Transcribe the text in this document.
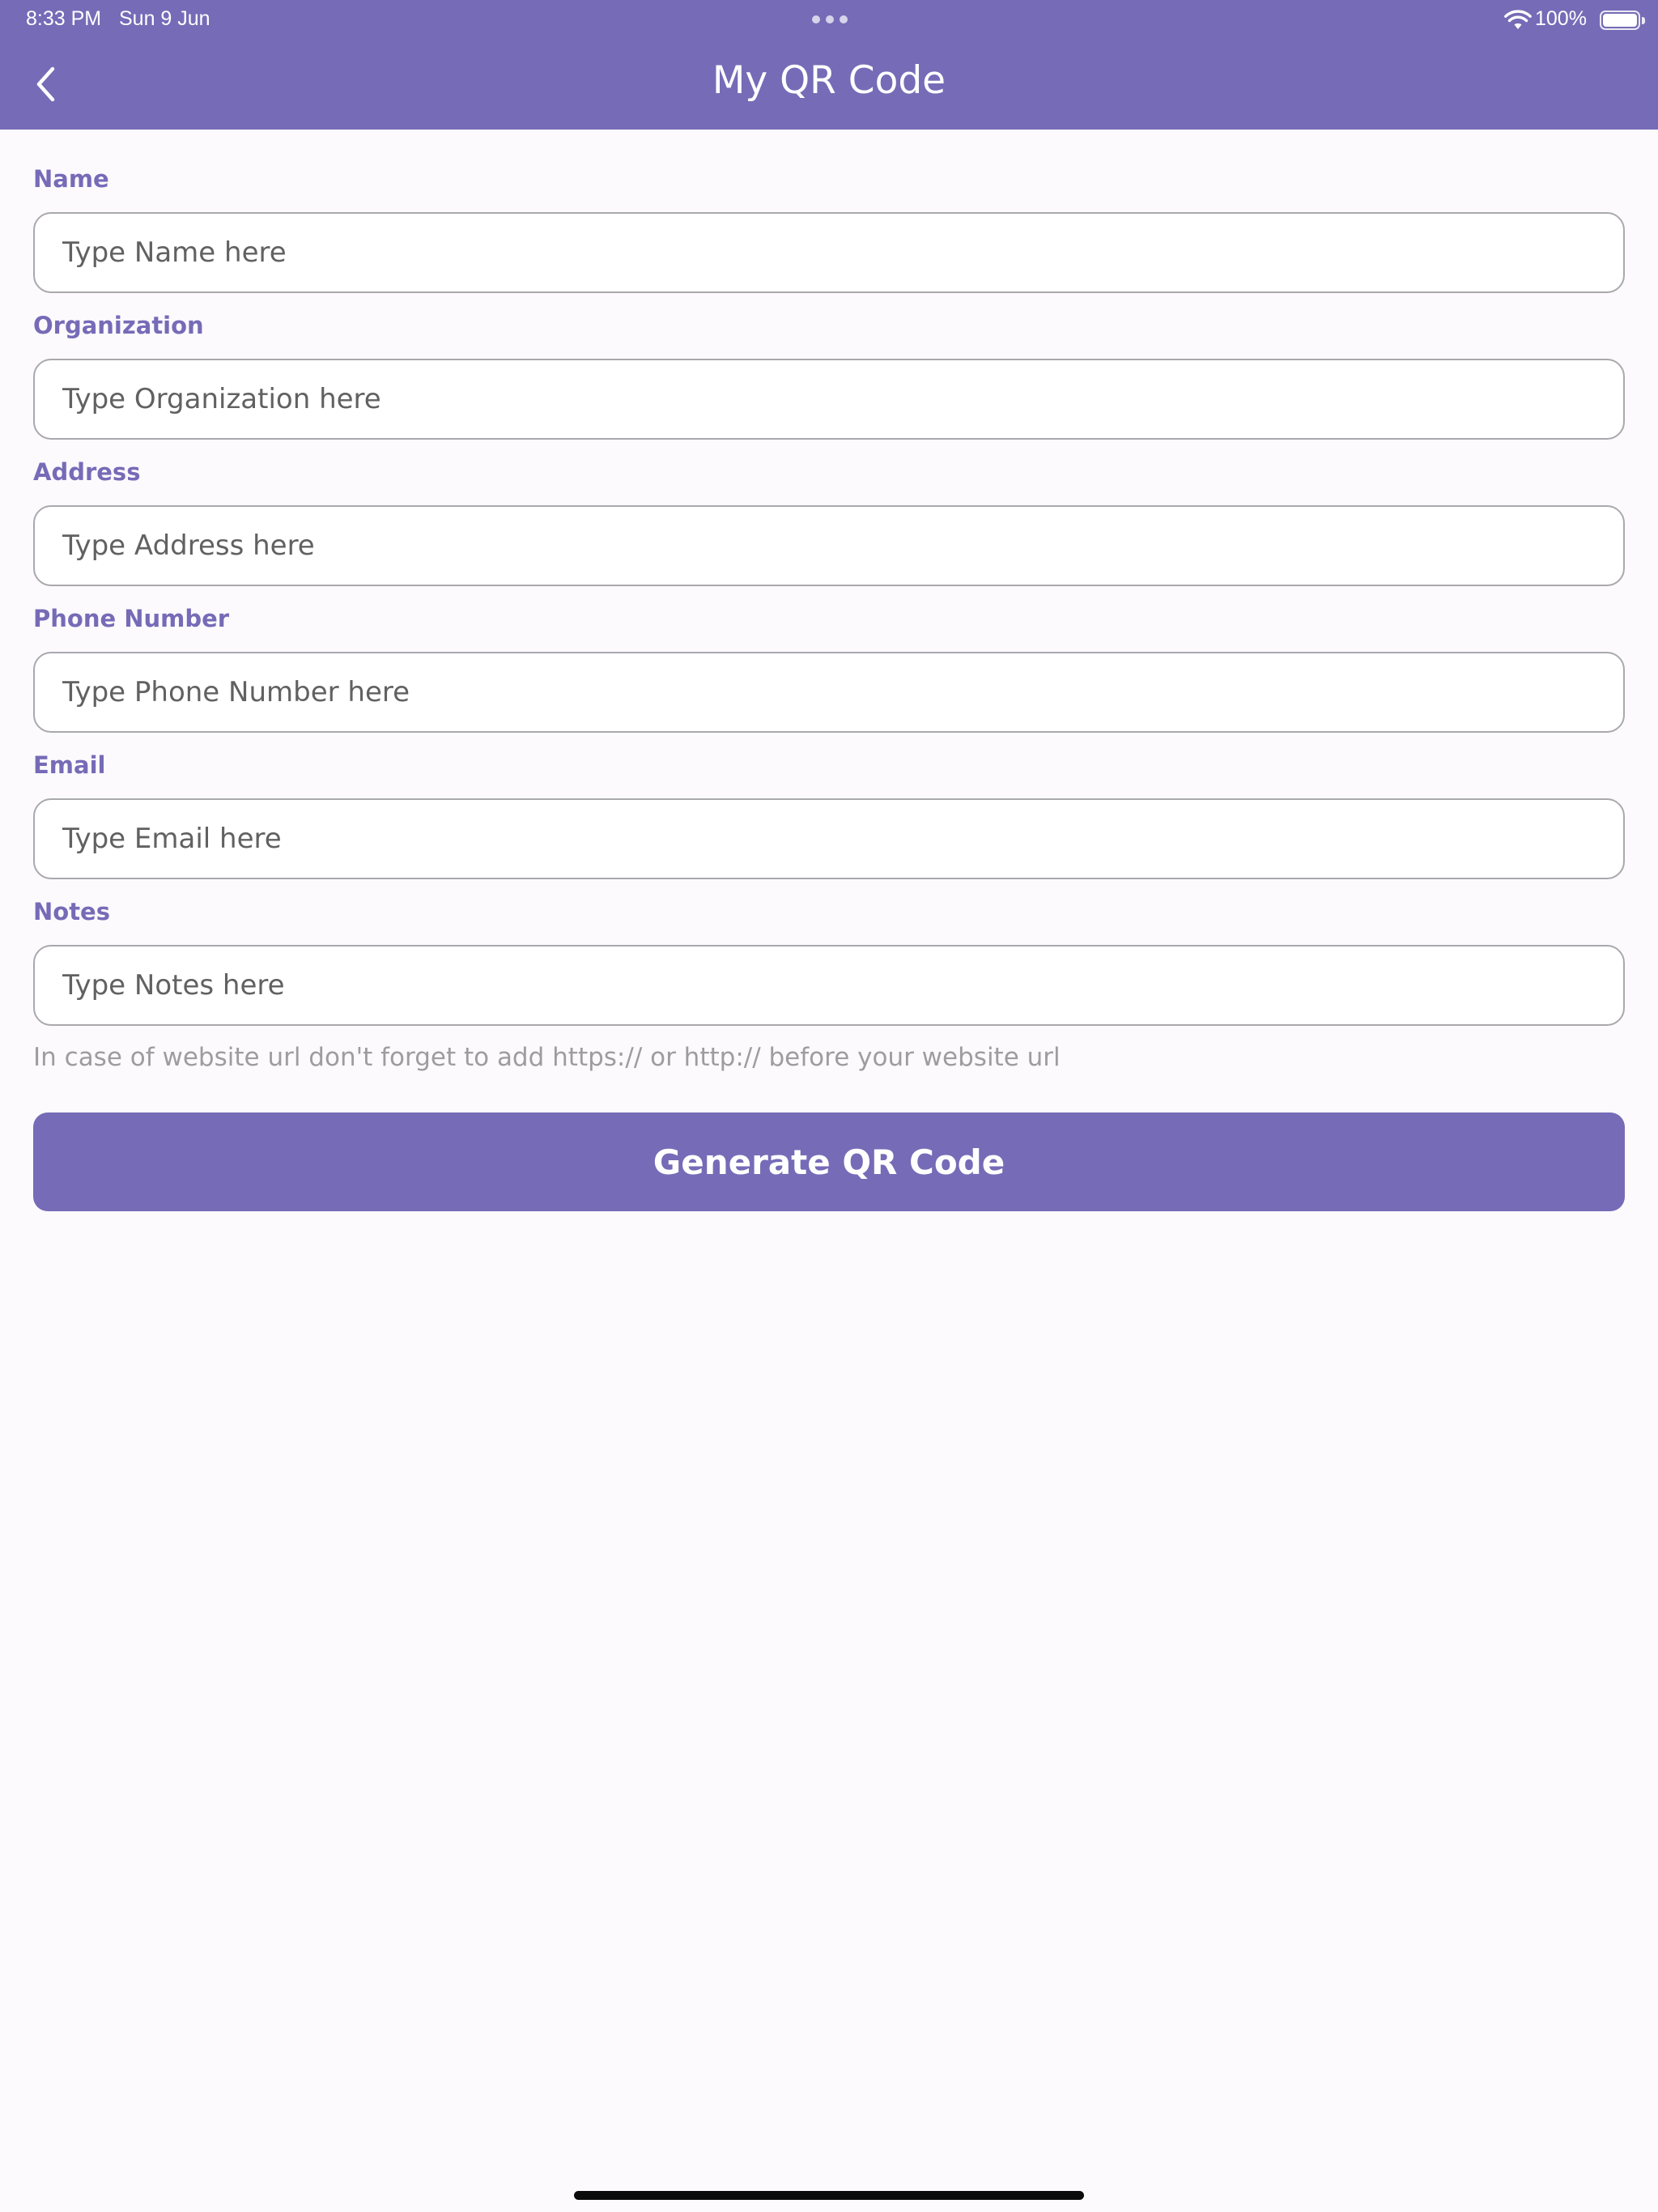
8:33 PM Sun 9 Jun	100%
My QR Code
Name
Type Name here
Organization
Type Organization here
Address
Type Address here
Phone Number
Type Phone Number here
Email
Type Email here
Notes
Type Notes here
In case of website url don't forget to add https:// or http:// before your website url
Generate QR Code
